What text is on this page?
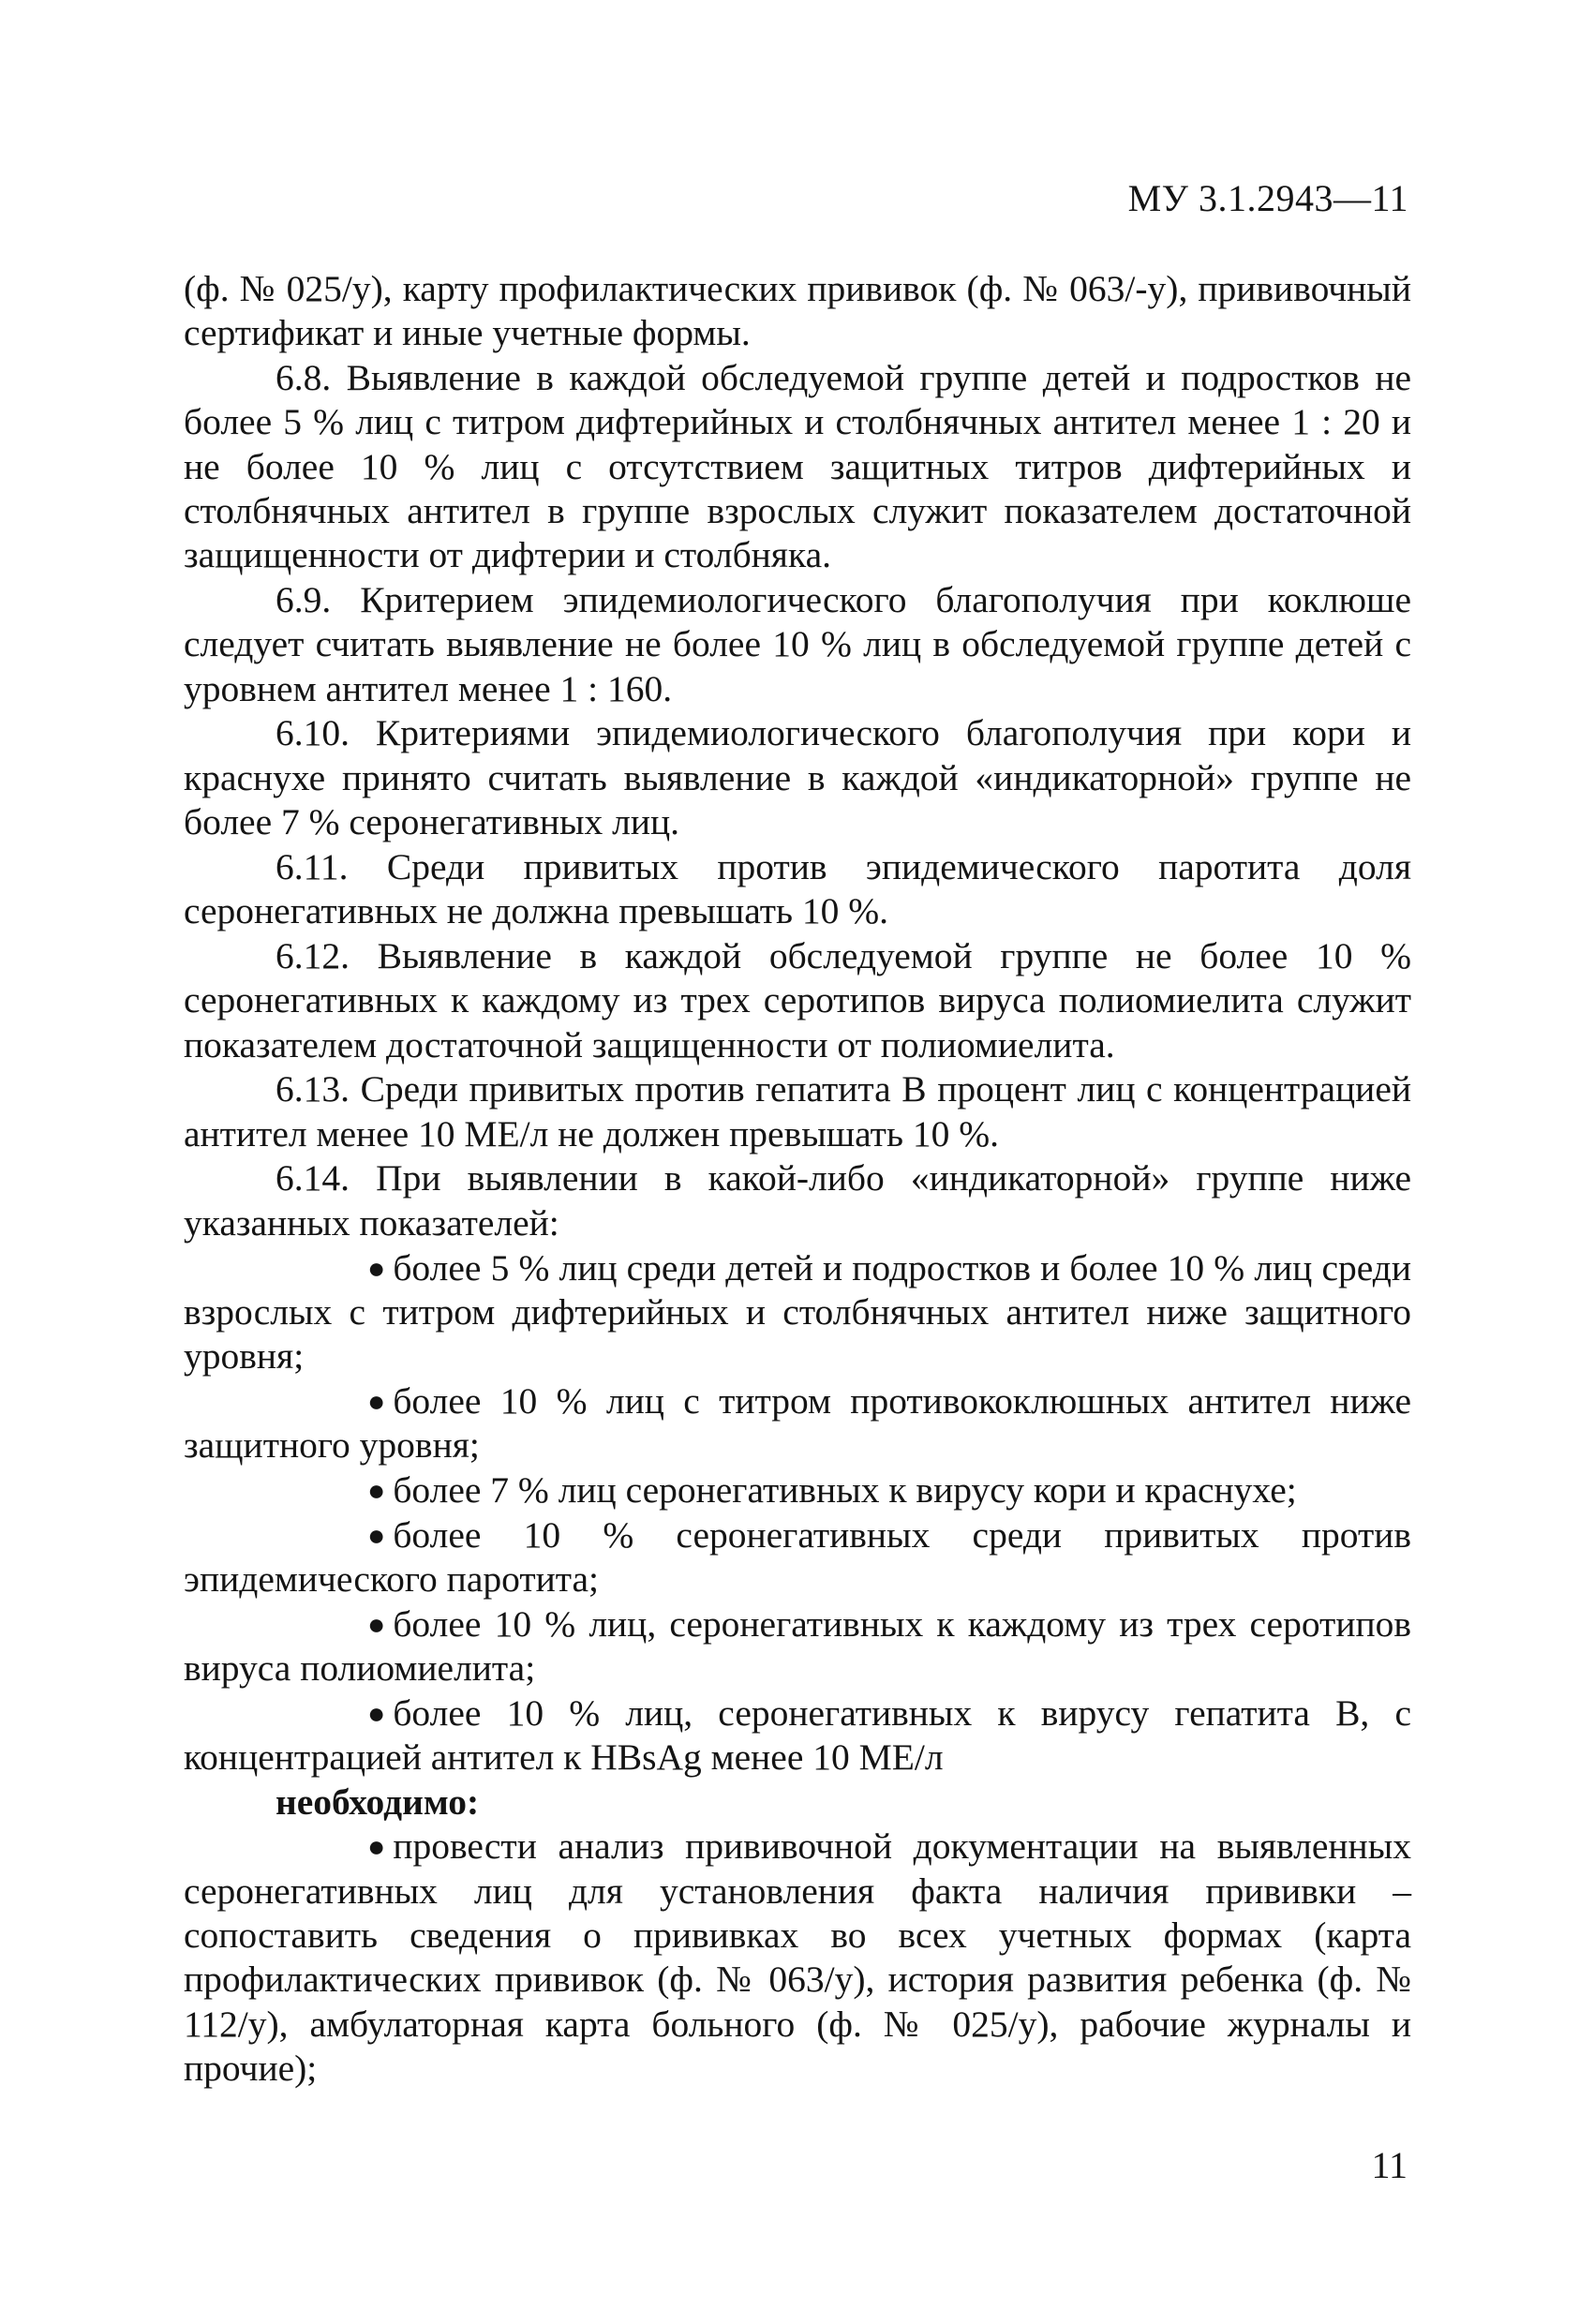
МУ 3.1.2943—11

(ф. № 025/у), карту профилактических прививок (ф. № 063/-у), прививочный сертификат и иные учетные формы.

6.8. Выявление в каждой обследуемой группе детей и подростков не более 5 % лиц с титром дифтерийных и столбнячных антител менее 1 : 20 и не более 10 % лиц с отсутствием защитных титров дифтерийных и столбнячных антител в группе взрослых служит показателем достаточной защищенности от дифтерии и столбняка.

6.9. Критерием эпидемиологического благополучия при коклюше следует считать выявление не более 10 % лиц в обследуемой группе детей с уровнем антител менее 1 : 160.

6.10. Критериями эпидемиологического благополучия при кори и краснухе принято считать выявление в каждой «индикаторной» группе не более 7 % серонегативных лиц.

6.11. Среди привитых против эпидемического паротита доля серонегативных не должна превышать 10 %.

6.12. Выявление в каждой обследуемой группе не более 10 % серонегативных к каждому из трех серотипов вируса полиомиелита служит показателем достаточной защищенности от полиомиелита.

6.13. Среди привитых против гепатита В процент лиц с концентрацией антител менее 10 МЕ/л не должен превышать 10 %.

6.14. При выявлении в какой-либо «индикаторной» группе ниже указанных показателей:

● более 5 % лиц среди детей и подростков и более 10 % лиц среди взрослых с титром дифтерийных и столбнячных антител ниже защитного уровня;

● более 10 % лиц с титром противококлюшных антител ниже защитного уровня;

● более 7 % лиц серонегативных к вирусу кори и краснухе;

● более 10 % серонегативных среди привитых против эпидемического паротита;

● более 10 % лиц, серонегативных к каждому из трех серотипов вируса полиомиелита;

● более 10 % лиц, серонегативных к вирусу гепатита В, с концентрацией антител к HBsAg менее 10 МЕ/л

необходимо:

● провести анализ прививочной документации на выявленных серонегативных лиц для установления факта наличия прививки – сопоставить сведения о прививках во всех учетных формах (карта профилактических прививок (ф. № 063/у), история развития ребенка (ф. № 112/у), амбулаторная карта больного (ф. № 025/у), рабочие журналы и прочие);

11
